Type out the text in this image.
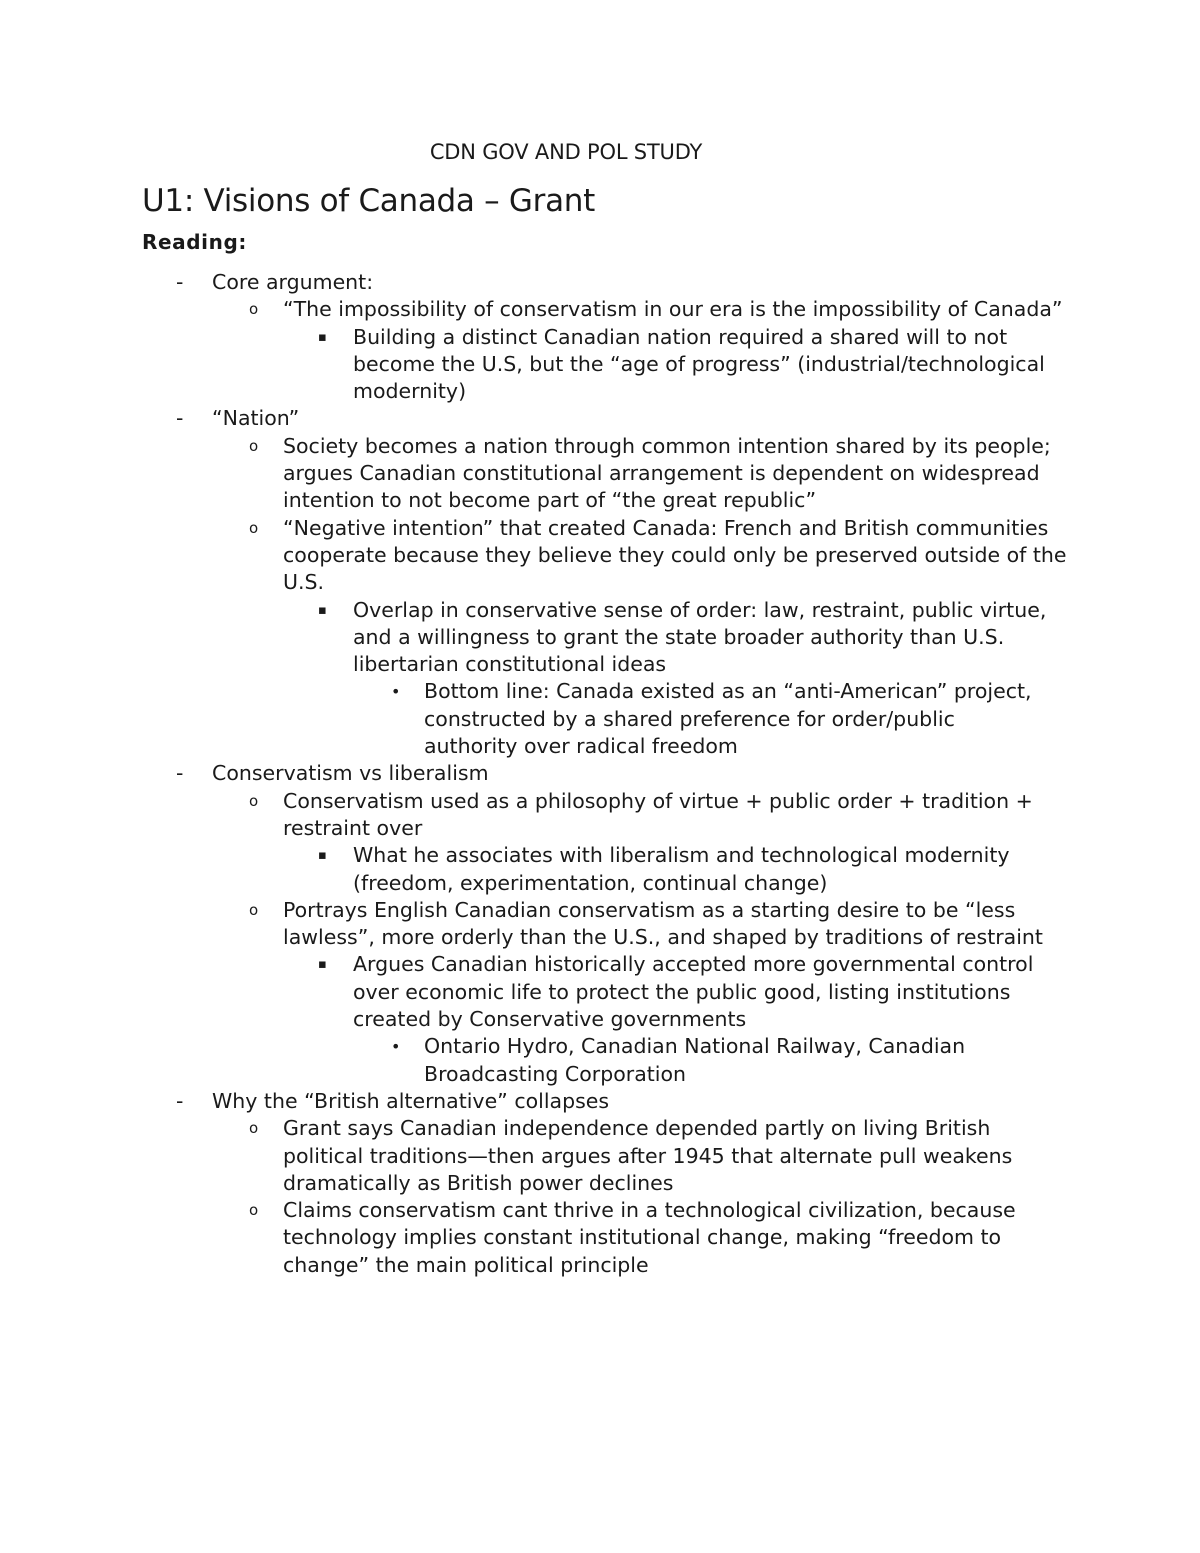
CDN GOV AND POL STUDY
U1: Visions of Canada – Grant
Reading:
- Core argument:
o “The impossibility of conservatism in our era is the impossibility of Canada”
▪ Building a distinct Canadian nation required a shared will to not become the U.S, but the “age of progress” (industrial/technological modernity)
- “Nation”
o Society becomes a nation through common intention shared by its people; argues Canadian constitutional arrangement is dependent on widespread intention to not become part of “the great republic”
o “Negative intention” that created Canada: French and British communities cooperate because they believe they could only be preserved outside of the U.S.
▪ Overlap in conservative sense of order: law, restraint, public virtue, and a willingness to grant the state broader authority than U.S. libertarian constitutional ideas
• Bottom line: Canada existed as an “anti-American” project, constructed by a shared preference for order/public authority over radical freedom
- Conservatism vs liberalism
o Conservatism used as a philosophy of virtue + public order + tradition + restraint over
▪ What he associates with liberalism and technological modernity (freedom, experimentation, continual change)
o Portrays English Canadian conservatism as a starting desire to be “less lawless”, more orderly than the U.S., and shaped by traditions of restraint
▪ Argues Canadian historically accepted more governmental control over economic life to protect the public good, listing institutions created by Conservative governments
• Ontario Hydro, Canadian National Railway, Canadian Broadcasting Corporation
- Why the “British alternative” collapses
o Grant says Canadian independence depended partly on living British political traditions—then argues after 1945 that alternate pull weakens dramatically as British power declines
o Claims conservatism cant thrive in a technological civilization, because technology implies constant institutional change, making “freedom to change” the main political principle
